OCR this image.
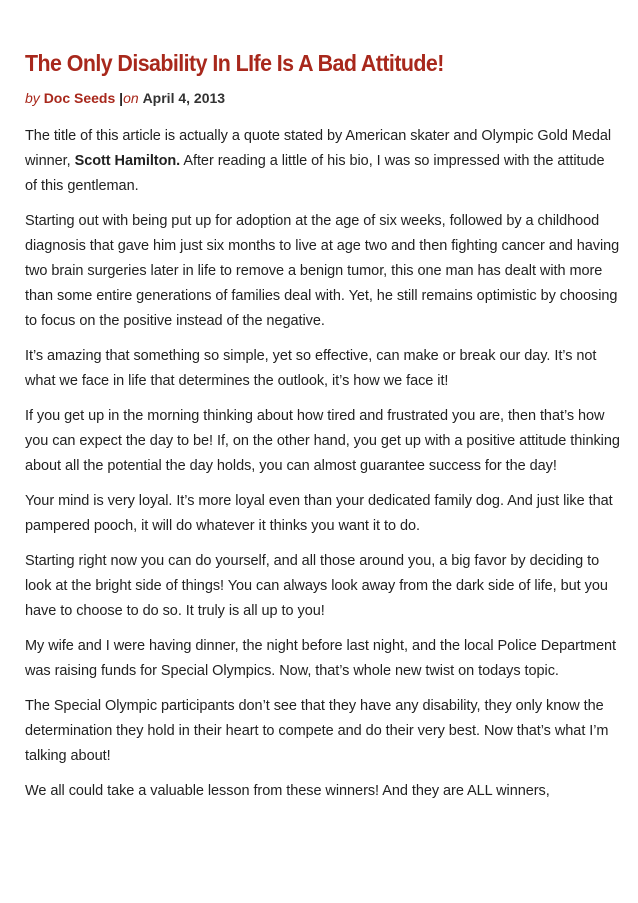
The Only Disability In LIfe Is A Bad Attitude!
by Doc Seeds |on April 4, 2013

The title of this article is actually a quote stated by American skater and Olympic Gold Medal winner, Scott Hamilton. After reading a little of his bio, I was so impressed with the attitude of this gentleman.

Starting out with being put up for adoption at the age of six weeks, followed by a childhood diagnosis that gave him just six months to live at age two and then fighting cancer and having two brain surgeries later in life to remove a benign tumor, this one man has dealt with more than some entire generations of families deal with. Yet, he still remains optimistic by choosing to focus on the positive instead of the negative.

It’s amazing that something so simple, yet so effective, can make or break our day. It’s not what we face in life that determines the outlook, it’s how we face it!

If you get up in the morning thinking about how tired and frustrated you are, then that’s how you can expect the day to be! If, on the other hand, you get up with a positive attitude thinking about all the potential the day holds, you can almost guarantee success for the day!

Your mind is very loyal. It’s more loyal even than your dedicated family dog. And just like that pampered pooch, it will do whatever it thinks you want it to do.

Starting right now you can do yourself, and all those around you, a big favor by deciding to look at the bright side of things! You can always look away from the dark side of life, but you have to choose to do so. It truly is all up to you!

My wife and I were having dinner, the night before last night, and the local Police Department was raising funds for Special Olympics. Now, that’s whole new twist on todays topic.

The Special Olympic participants don’t see that they have any disability, they only know the determination they hold in their heart to compete and do their very best. Now that’s what I’m talking about!

We all could take a valuable lesson from these winners! And they are ALL winners,
